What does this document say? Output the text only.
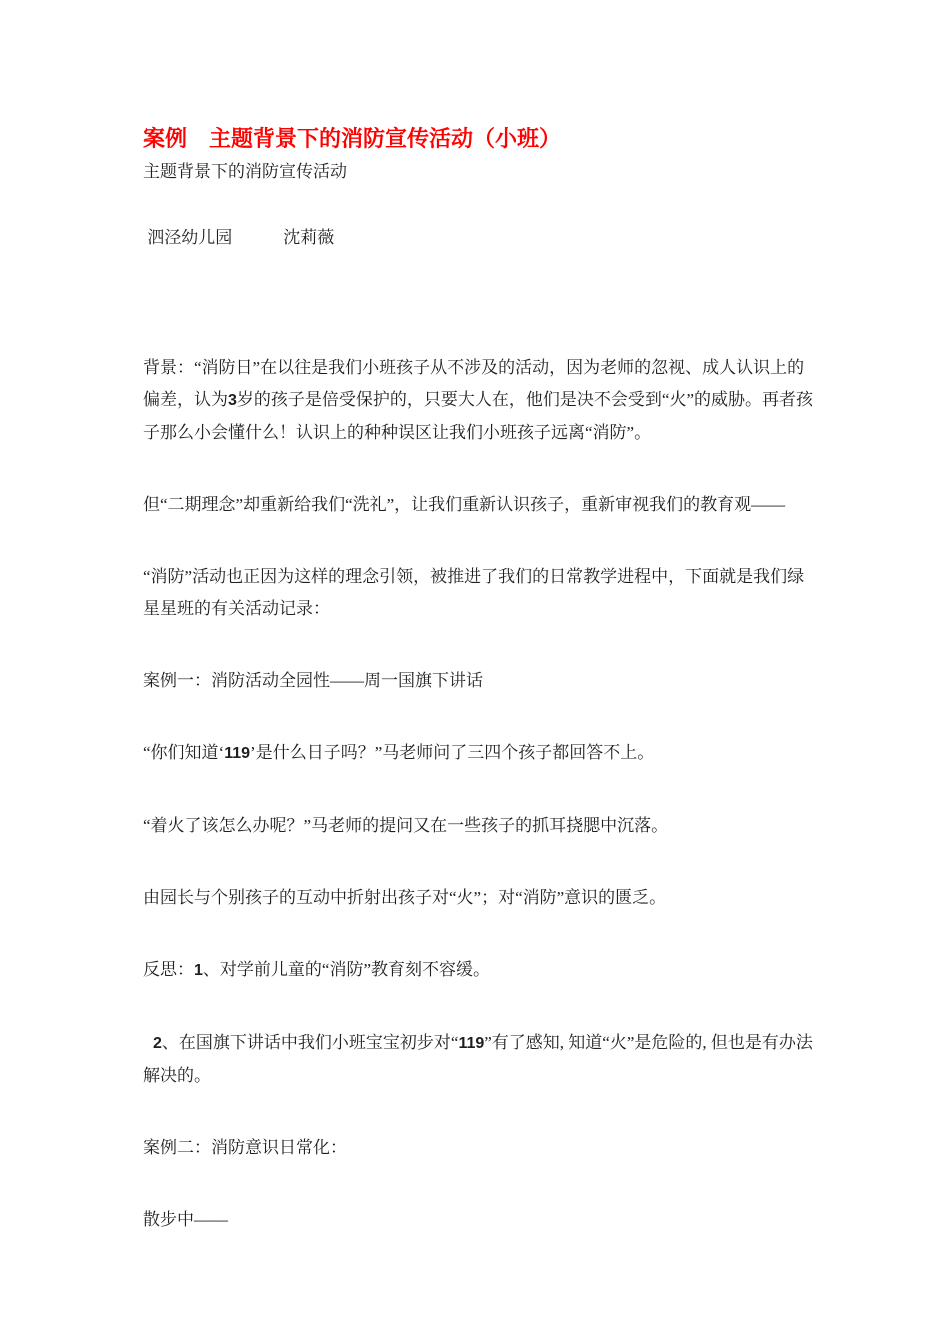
案例　主题背景下的消防宣传活动（小班）
主题背景下的消防宣传活动
泗泾幼儿园　　　沈莉薇

背景：“消防日”在以往是我们小班孩子从不涉及的活动，因为老师的忽视、成人认识上的偏差，认为3岁的孩子是倍受保护的，只要大人在，他们是决不会受到“火”的威胁。再者孩子那么小会懂什么！认识上的种种误区让我们小班孩子远离“消防”。

但“二期理念”却重新给我们“洗礼”，让我们重新认识孩子，重新审视我们的教育观——

“消防”活动也正因为这样的理念引领，被推进了我们的日常教学进程中，下面就是我们绿星星班的有关活动记录：

案例一：消防活动全园性——周一国旗下讲话

“你们知道‘119’是什么日子吗？”马老师问了三四个孩子都回答不上。

“着火了该怎么办呢？”马老师的提问又在一些孩子的抓耳挠腮中沉落。

由园长与个别孩子的互动中折射出孩子对“火”；对“消防”意识的匮乏。

反思：1、对学前儿童的“消防”教育刻不容缓。

2、在国旗下讲话中我们小班宝宝初步对“119”有了感知, 知道“火”是危险的, 但也是有办法解决的。

案例二：消防意识日常化：

散步中——
